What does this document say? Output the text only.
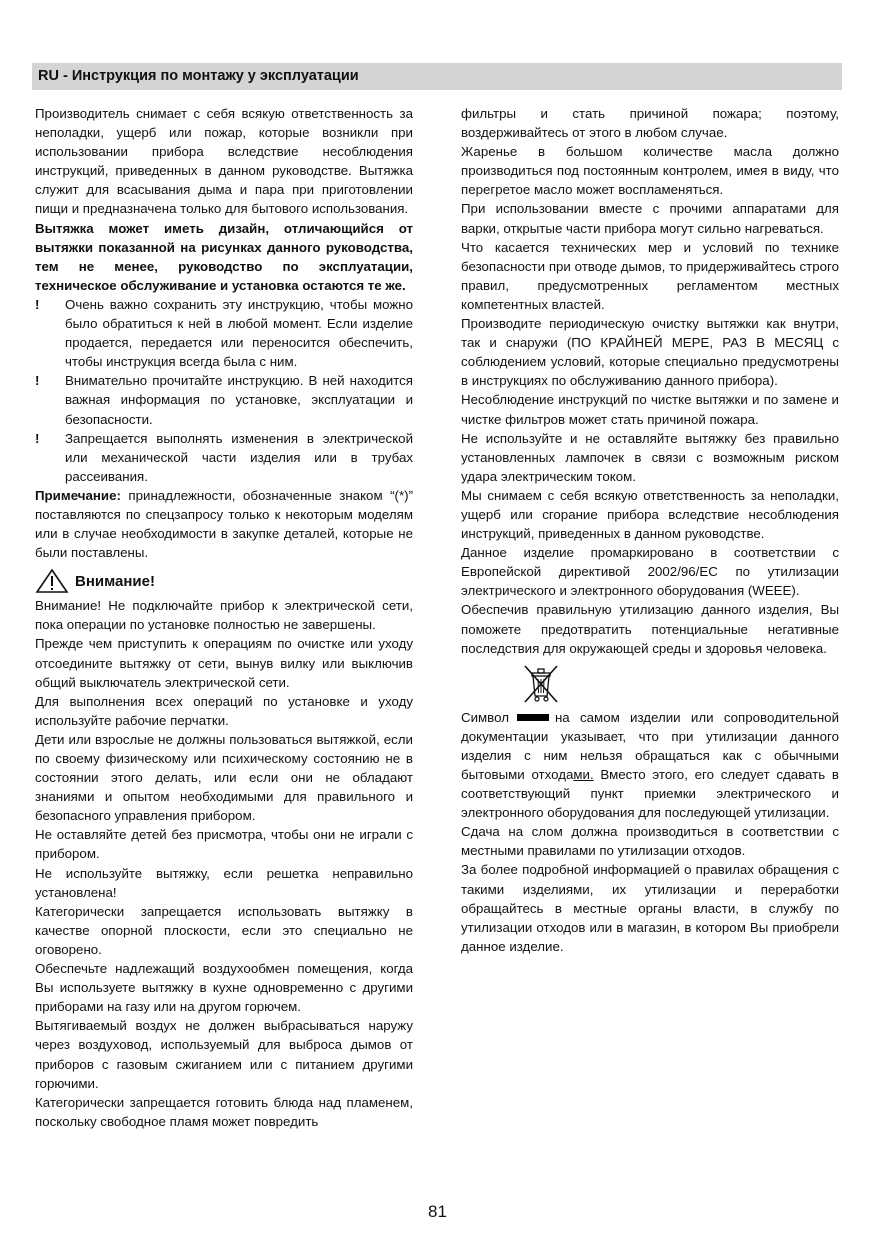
RU - Инструкция по монтажу у эксплуатации

Производитель снимает с себя всякую ответственность за неполадки, ущерб или пожар, которые возникли при использовании прибора вследствие несоблюдения инструкций, приведенных в данном руководстве. Вытяжка служит для всасывания дыма и пара при приготовлении пищи и предназначена только для бытового использования.

Вытяжка может иметь дизайн, отличающийся от вытяжки показанной на рисунках данного руководства, тем не менее, руководство по эксплуатации, техническое обслуживание и установка остаются те же.

! Очень важно сохранить эту инструкцию, чтобы можно было обратиться к ней в любой момент. Если изделие продается, передается или переносится обеспечить, чтобы инструкция всегда была с ним.
! Внимательно прочитайте инструкцию. В ней находится важная информация по установке, эксплуатации и безопасности.
! Запрещается выполнять изменения в электрической или механической части изделия или в трубах рассеивания.

Примечание: принадлежности, обозначенные знаком “(*)” поставляются по спецзапросу только к некоторым моделям или в случае необходимости в закупке деталей, которые не были поставлены.

Внимание!

Внимание! Не подключайте прибор к электрической сети, пока операции по установке полностью не завершены.

Прежде чем приступить к операциям по очистке или уходу отсоедините вытяжку от сети, вынув вилку или выключив общий выключатель электрической сети.

Для выполнения всех операций по установке и уходу используйте рабочие перчатки.

Дети или взрослые не должны пользоваться вытяжкой, если по своему физическому или психическому состоянию не в состоянии этого делать, или если они не обладают знаниями и опытом необходимыми для правильного и безопасного управления прибором.

Не оставляйте детей без присмотра, чтобы они не играли с прибором.

Не используйте вытяжку, если решетка неправильно установлена!

Категорически запрещается использовать вытяжку в качестве опорной плоскости, если это специально не оговорено.

Обеспечьте надлежащий воздухообмен помещения, когда Вы используете вытяжку в кухне одновременно с другими приборами на газу или на другом горючем.

Вытягиваемый воздух не должен выбрасываться наружу через воздуховод, используемый для выброса дымов от приборов с газовым сжиганием или с питанием другими горючими.

Категорически запрещается готовить блюда над пламенем, поскольку свободное пламя может повредить

фильтры и стать причиной пожара; поэтому, воздерживайтесь от этого в любом случае.

Жаренье в большом количестве масла должно производиться под постоянным контролем, имея в виду, что перегретое масло может воспламеняться.

При использовании вместе с прочими аппаратами для варки, открытые части прибора могут сильно нагреваться.

Что касается технических мер и условий по технике безопасности при отводе дымов, то придерживайтесь строго правил, предусмотренных регламентом местных компетентных властей.

Производите периодическую очистку вытяжки как внутри, так и снаружи (ПО КРАЙНЕЙ МЕРЕ, РАЗ В МЕСЯЦ с соблюдением условий, которые специально предусмотрены в инструкциях по обслуживанию данного прибора).

Несоблюдение инструкций по чистке вытяжки и по замене и чистке фильтров может стать причиной пожара.

Не используйте и не оставляйте вытяжку без правильно установленных лампочек в связи с возможным риском удара электрическим током.

Мы снимаем с себя всякую ответственность за неполадки, ущерб или сгорание прибора вследствие несоблюдения инструкций, приведенных в данном руководстве.

Данное изделие промаркировано в соответствии с Европейской директивой 2002/96/EC по утилизации электрического и электронного оборудования (WEEE).

Обеспечив правильную утилизацию данного изделия, Вы поможете предотвратить потенциальные негативные последствия для окружающей среды и здоровья человека.

Символ	на самом изделии или сопроводительной документации указывает, что при утилизации данного изделия с ним нельзя обращаться как с обычными бытовыми отходами. Вместо этого, его следует сдавать в соответствующий пункт приемки электрического и электронного оборудования для последующей утилизации.

Сдача на слом должна производиться в соответствии с местными правилами по утилизации отходов.

За более подробной информацией о правилах обращения с такими изделиями, их утилизации и переработки обращайтесь в местные органы власти, в службу по утилизации отходов или в магазин, в котором Вы приобрели данное изделие.

81
